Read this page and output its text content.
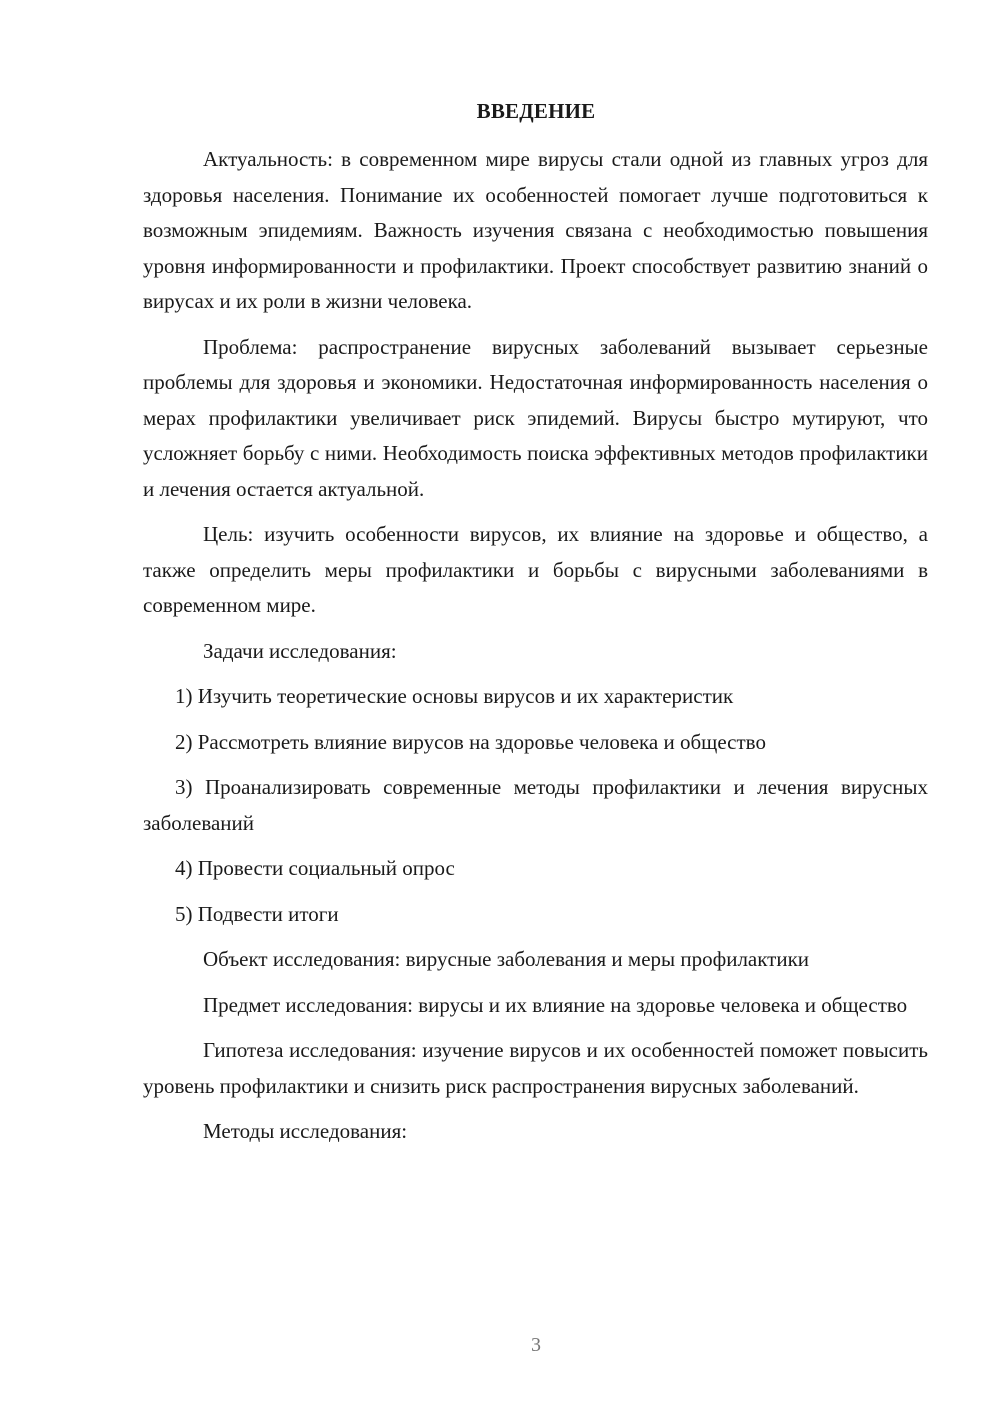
ВВЕДЕНИЕ

Актуальность: в современном мире вирусы стали одной из главных угроз для здоровья населения. Понимание их особенностей помогает лучше подготовиться к возможным эпидемиям. Важность изучения связана с необходимостью повышения уровня информированности и профилактики. Проект способствует развитию знаний о вирусах и их роли в жизни человека.

Проблема: распространение вирусных заболеваний вызывает серьезные проблемы для здоровья и экономики. Недостаточная информированность населения о мерах профилактики увеличивает риск эпидемий. Вирусы быстро мутируют, что усложняет борьбу с ними. Необходимость поиска эффективных методов профилактики и лечения остается актуальной.

Цель: изучить особенности вирусов, их влияние на здоровье и общество, а также определить меры профилактики и борьбы с вирусными заболеваниями в современном мире.

Задачи исследования:

1) Изучить теоретические основы вирусов и их характеристик

2) Рассмотреть влияние вирусов на здоровье человека и общество

3) Проанализировать современные методы профилактики и лечения вирусных заболеваний

4) Провести социальный опрос

5) Подвести итоги

Объект исследования: вирусные заболевания и меры профилактики

Предмет исследования: вирусы и их влияние на здоровье человека и общество

Гипотеза исследования: изучение вирусов и их особенностей поможет повысить уровень профилактики и снизить риск распространения вирусных заболеваний.

Методы исследования:

3
